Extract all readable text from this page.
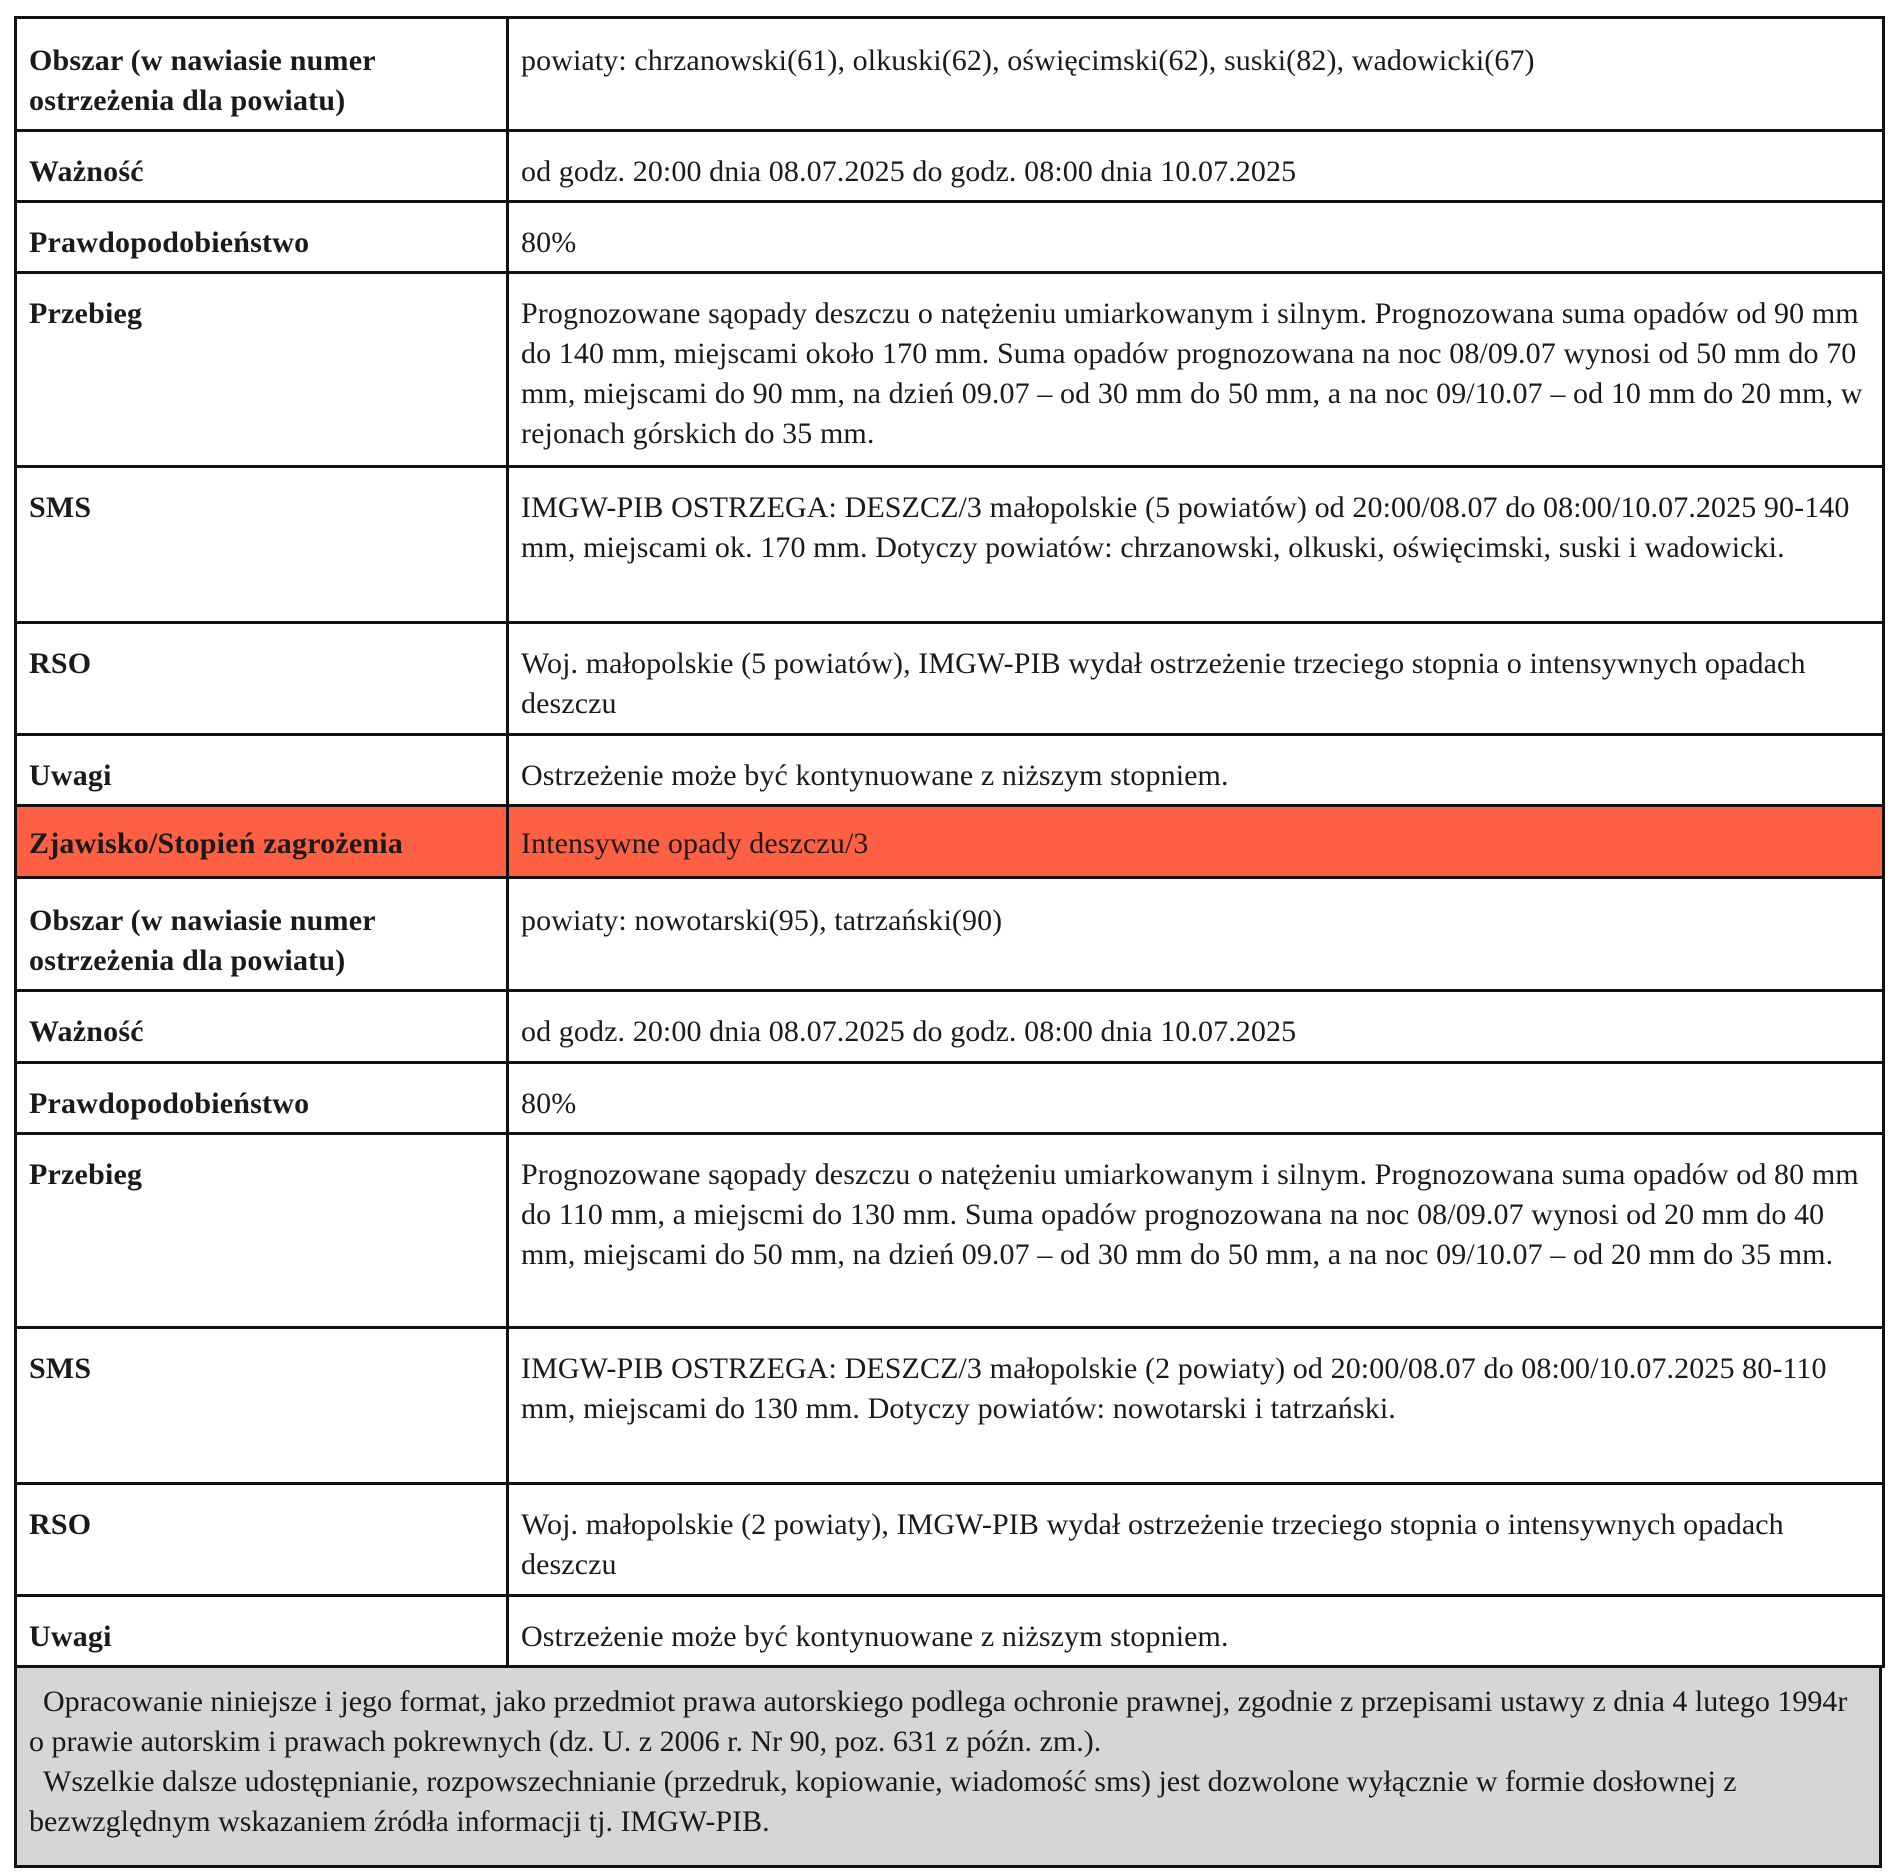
Obszar (w nawiasie numer ostrzeżenia dla powiatu)	powiaty: chrzanowski(61), olkuski(62), oświęcimski(62), suski(82), wadowicki(67)
Ważność	od godz. 20:00 dnia 08.07.2025 do godz. 08:00 dnia 10.07.2025
Prawdopodobieństwo	80%
Przebieg	Prognozowane sąopady deszczu o natężeniu umiarkowanym i silnym. Prognozowana suma opadów od 90 mm do 140 mm, miejscami około 170 mm. Suma opadów prognozowana na noc 08/09.07 wynosi od 50 mm do 70 mm, miejscami do 90 mm, na dzień 09.07 – od 30 mm do 50 mm, a na noc 09/10.07 – od 10 mm do 20 mm, w rejonach górskich do 35 mm.
SMS	IMGW-PIB OSTRZEGA: DESZCZ/3 małopolskie (5 powiatów) od 20:00/08.07 do 08:00/10.07.2025 90-140 mm, miejscami ok. 170 mm. Dotyczy powiatów: chrzanowski, olkuski, oświęcimski, suski i wadowicki.
RSO	Woj. małopolskie (5 powiatów), IMGW-PIB wydał ostrzeżenie trzeciego stopnia o intensywnych opadach deszczu
Uwagi	Ostrzeżenie może być kontynuowane z niższym stopniem.
Zjawisko/Stopień zagrożenia	Intensywne opady deszczu/3
Obszar (w nawiasie numer ostrzeżenia dla powiatu)	powiaty: nowotarski(95), tatrzański(90)
Ważność	od godz. 20:00 dnia 08.07.2025 do godz. 08:00 dnia 10.07.2025
Prawdopodobieństwo	80%
Przebieg	Prognozowane sąopady deszczu o natężeniu umiarkowanym i silnym. Prognozowana suma opadów od 80 mm do 110 mm, a miejscmi do 130 mm. Suma opadów prognozowana na noc 08/09.07 wynosi od 20 mm do 40 mm, miejscami do 50 mm, na dzień 09.07 – od 30 mm do 50 mm, a na noc 09/10.07 – od 20 mm do 35 mm.
SMS	IMGW-PIB OSTRZEGA: DESZCZ/3 małopolskie (2 powiaty) od 20:00/08.07 do 08:00/10.07.2025 80-110 mm, miejscami do 130 mm. Dotyczy powiatów: nowotarski i tatrzański.
RSO	Woj. małopolskie (2 powiaty), IMGW-PIB wydał ostrzeżenie trzeciego stopnia o intensywnych opadach deszczu
Uwagi	Ostrzeżenie może być kontynuowane z niższym stopniem.

Opracowanie niniejsze i jego format, jako przedmiot prawa autorskiego podlega ochronie prawnej, zgodnie z przepisami ustawy z dnia 4 lutego 1994r o prawie autorskim i prawach pokrewnych (dz. U. z 2006 r. Nr 90, poz. 631 z późn. zm.).

Wszelkie dalsze udostępnianie, rozpowszechnianie (przedruk, kopiowanie, wiadomość sms) jest dozwolone wyłącznie w formie dosłownej z bezwzględnym wskazaniem źródła informacji tj. IMGW-PIB.
